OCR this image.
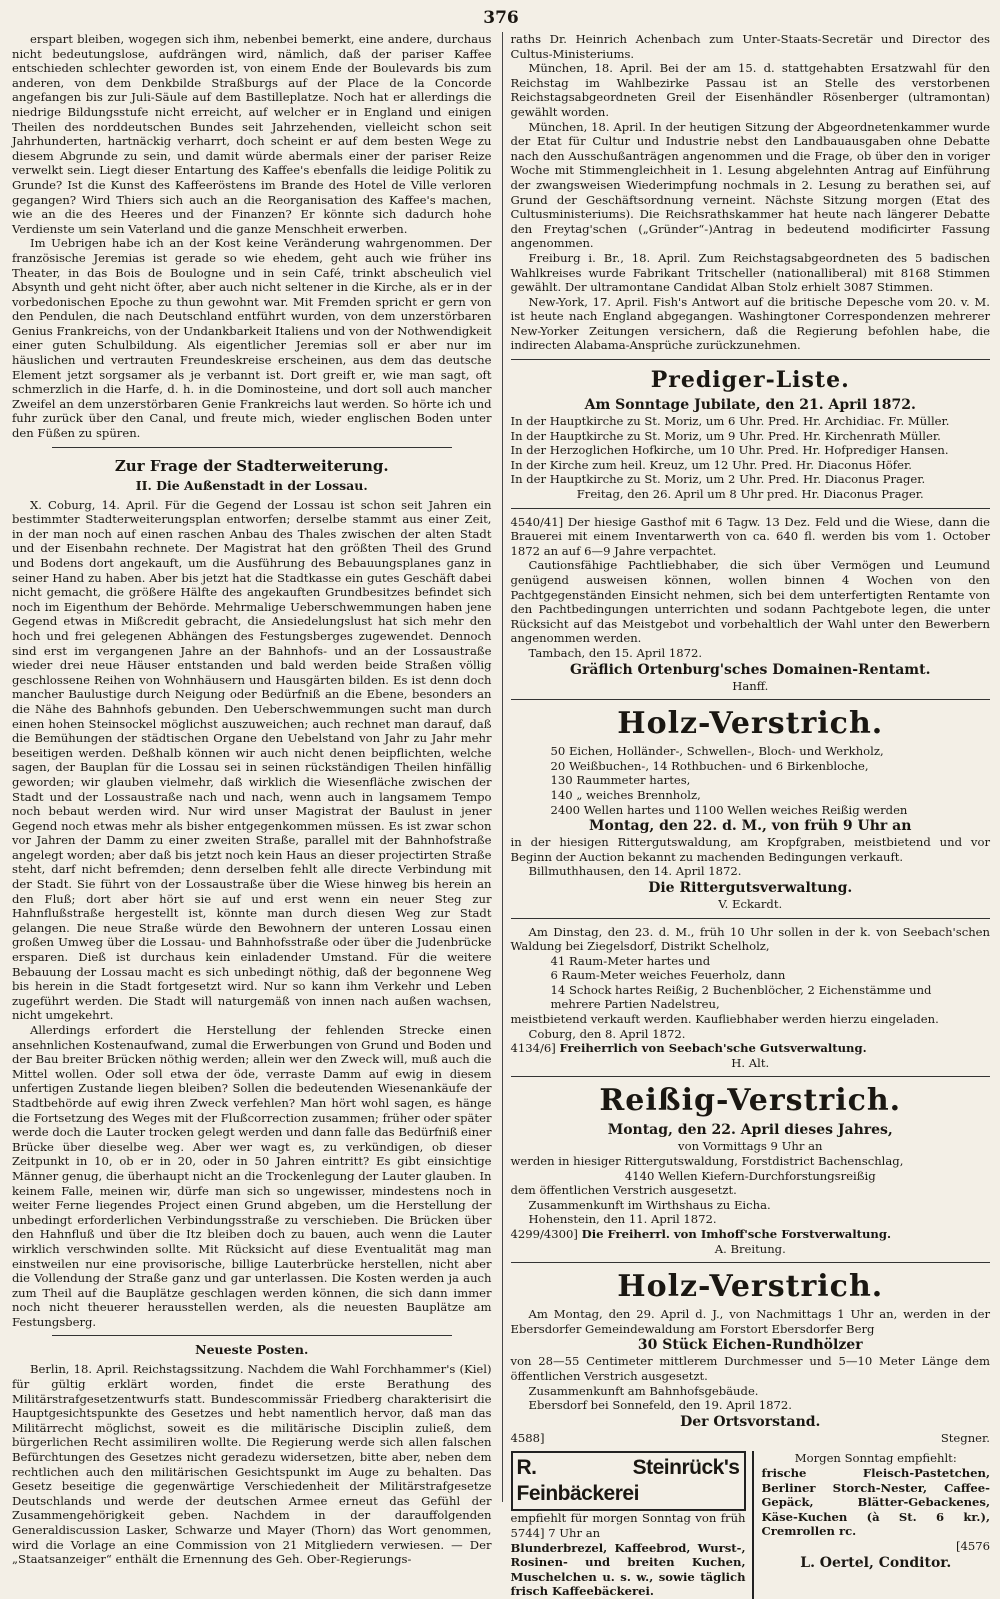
376

erspart bleiben, wogegen sich ihm, nebenbei bemerkt, eine andere, durchaus nicht bedeutungslose, aufdrängen wird, nämlich, daß der pariser Kaffee entschieden schlechter geworden ist, von einem Ende der Boulevards bis zum anderen, von dem Denkbilde Straßburgs auf der Place de la Concorde angefangen bis zur Juli-Säule auf dem Bastilleplatze. Noch hat er allerdings die niedrige Bildungsstufe nicht erreicht, auf welcher er in England und einigen Theilen des norddeutschen Bundes seit Jahrzehenden, vielleicht schon seit Jahrhunderten, hartnäckig verharrt, doch scheint er auf dem besten Wege zu diesem Abgrunde zu sein, und damit würde abermals einer der pariser Reize verwelkt sein. Liegt dieser Entartung des Kaffee's ebenfalls die leidige Politik zu Grunde? Ist die Kunst des Kaffeeröstens im Brande des Hotel de Ville verloren gegangen? Wird Thiers sich auch an die Reorganisation des Kaffee's machen, wie an die des Heeres und der Finanzen? Er könnte sich dadurch hohe Verdienste um sein Vaterland und die ganze Menschheit erwerben.

Im Uebrigen habe ich an der Kost keine Veränderung wahrgenommen. Der französische Jeremias ist gerade so wie ehedem, geht auch wie früher ins Theater, in das Bois de Boulogne und in sein Café, trinkt abscheulich viel Absynth und geht nicht öfter, aber auch nicht seltener in die Kirche, als er in der vorbedonischen Epoche zu thun gewohnt war. Mit Fremden spricht er gern von den Pendulen, die nach Deutschland entführt wurden, von dem unzerstörbaren Genius Frankreichs, von der Undankbarkeit Italiens und von der Nothwendigkeit einer guten Schulbildung. Als eigentlicher Jeremias soll er aber nur im häuslichen und vertrauten Freundeskreise erscheinen, aus dem das deutsche Element jetzt sorgsamer als je verbannt ist. Dort greift er, wie man sagt, oft schmerzlich in die Harfe, d. h. in die Dominosteine, und dort soll auch mancher Zweifel an dem unzerstörbaren Genie Frankreichs laut werden. So hörte ich und fuhr zurück über den Canal, und freute mich, wieder englischen Boden unter den Füßen zu spüren.

Zur Frage der Stadterweiterung.
II. Die Außenstadt in der Lossau.

X. Coburg, 14. April. Für die Gegend der Lossau ist schon seit Jahren ein bestimmter Stadterweiterungsplan entworfen; derselbe stammt aus einer Zeit, in der man noch auf einen raschen Anbau des Thales zwischen der alten Stadt und der Eisenbahn rechnete. Der Magistrat hat den größten Theil des Grund und Bodens dort angekauft, um die Ausführung des Bebauungsplanes ganz in seiner Hand zu haben. Aber bis jetzt hat die Stadtkasse ein gutes Geschäft dabei nicht gemacht, die größere Hälfte des angekauften Grundbesitzes befindet sich noch im Eigenthum der Behörde. Mehrmalige Ueberschwemmungen haben jene Gegend etwas in Mißcredit gebracht, die Ansiedelungslust hat sich mehr den hoch und frei gelegenen Abhängen des Festungsberges zugewendet. Dennoch sind erst im vergangenen Jahre an der Bahnhofs- und an der Lossaustraße wieder drei neue Häuser entstanden und bald werden beide Straßen völlig geschlossene Reihen von Wohnhäusern und Hausgärten bilden. Es ist denn doch mancher Baulustige durch Neigung oder Bedürfniß an die Ebene, besonders an die Nähe des Bahnhofs gebunden. Den Ueberschwemmungen sucht man durch einen hohen Steinsockel möglichst auszuweichen; auch rechnet man darauf, daß die Bemühungen der städtischen Organe den Uebelstand von Jahr zu Jahr mehr beseitigen werden. Deßhalb können wir auch nicht denen beipflichten, welche sagen, der Bauplan für die Lossau sei in seinen rückständigen Theilen hinfällig geworden; wir glauben vielmehr, daß wirklich die Wiesenfläche zwischen der Stadt und der Lossaustraße nach und nach, wenn auch in langsamem Tempo noch bebaut werden wird. Nur wird unser Magistrat der Baulust in jener Gegend noch etwas mehr als bisher entgegenkommen müssen. Es ist zwar schon vor Jahren der Damm zu einer zweiten Straße, parallel mit der Bahnhofstraße angelegt worden; aber daß bis jetzt noch kein Haus an dieser projectirten Straße steht, darf nicht befremden; denn derselben fehlt alle directe Verbindung mit der Stadt. Sie führt von der Lossaustraße über die Wiese hinweg bis herein an den Fluß; dort aber hört sie auf und erst wenn ein neuer Steg zur Hahnflußstraße hergestellt ist, könnte man durch diesen Weg zur Stadt gelangen. Die neue Straße würde den Bewohnern der unteren Lossau einen großen Umweg über die Lossau- und Bahnhofsstraße oder über die Judenbrücke ersparen. Dieß ist durchaus kein einladender Umstand. Für die weitere Bebauung der Lossau macht es sich unbedingt nöthig, daß der begonnene Weg bis herein in die Stadt fortgesetzt wird. Nur so kann ihm Verkehr und Leben zugeführt werden. Die Stadt will naturgemäß von innen nach außen wachsen, nicht umgekehrt.

Allerdings erfordert die Herstellung der fehlenden Strecke einen ansehnlichen Kostenaufwand, zumal die Erwerbungen von Grund und Boden und der Bau breiter Brücken nöthig werden; allein wer den Zweck will, muß auch die Mittel wollen. Oder soll etwa der öde, verraste Damm auf ewig in diesem unfertigen Zustande liegen bleiben? Sollen die bedeutenden Wiesenankäufe der Stadtbehörde auf ewig ihren Zweck verfehlen? Man hört wohl sagen, es hänge die Fortsetzung des Weges mit der Flußcorrection zusammen; früher oder später werde doch die Lauter trocken gelegt werden und dann falle das Bedürfniß einer Brücke über dieselbe weg. Aber wer wagt es, zu verkündigen, ob dieser Zeitpunkt in 10, ob er in 20, oder in 50 Jahren eintritt? Es gibt einsichtige Männer genug, die überhaupt nicht an die Trockenlegung der Lauter glauben. In keinem Falle, meinen wir, dürfe man sich so ungewisser, mindestens noch in weiter Ferne liegendes Project einen Grund abgeben, um die Herstellung der unbedingt erforderlichen Verbindungsstraße zu verschieben. Die Brücken über den Hahnfluß und über die Itz bleiben doch zu bauen, auch wenn die Lauter wirklich verschwinden sollte. Mit Rücksicht auf diese Eventualität mag man einstweilen nur eine provisorische, billige Lauterbrücke herstellen, nicht aber die Vollendung der Straße ganz und gar unterlassen. Die Kosten werden ja auch zum Theil auf die Bauplätze geschlagen werden können, die sich dann immer noch nicht theuerer herausstellen werden, als die neuesten Bauplätze am Festungsberg.

Neueste Posten.

Berlin, 18. April. Reichstagssitzung. Nachdem die Wahl Forchhammer's (Kiel) für gültig erklärt worden, findet die erste Berathung des Militärstrafgesetzentwurfs statt. Bundescommissär Friedberg charakterisirt die Hauptgesichtspunkte des Gesetzes und hebt namentlich hervor, daß man das Militärrecht möglichst, soweit es die militärische Disciplin zuließ, dem bürgerlichen Recht assimiliren wollte. Die Regierung werde sich allen falschen Befürchtungen des Gesetzes nicht geradezu widersetzen, bitte aber, neben dem rechtlichen auch den militärischen Gesichtspunkt im Auge zu behalten. Das Gesetz beseitige die gegenwärtige Verschiedenheit der Militärstrafgesetze Deutschlands und werde der deutschen Armee erneut das Gefühl der Zusammengehörigkeit geben. Nachdem in der darauffolgenden Generaldiscussion Lasker, Schwarze und Mayer (Thorn) das Wort genommen, wird die Vorlage an eine Commission von 21 Mitgliedern verwiesen. — Der „Staatsanzeiger“ enthält die Ernennung des Geh. Ober-Regierungs-

raths Dr. Heinrich Achenbach zum Unter-Staats-Secretär und Director des Cultus-Ministeriums.

München, 18. April. Bei der am 15. d. stattgehabten Ersatzwahl für den Reichstag im Wahlbezirke Passau ist an Stelle des verstorbenen Reichstagsabgeordneten Greil der Eisenhändler Rösenberger (ultramontan) gewählt worden.

München, 18. April. In der heutigen Sitzung der Abgeordnetenkammer wurde der Etat für Cultur und Industrie nebst den Landbauausgaben ohne Debatte nach den Ausschußanträgen angenommen und die Frage, ob über den in voriger Woche mit Stimmengleichheit in 1. Lesung abgelehnten Antrag auf Einführung der zwangsweisen Wiederimpfung nochmals in 2. Lesung zu berathen sei, auf Grund der Geschäftsordnung verneint. Nächste Sitzung morgen (Etat des Cultusministeriums). Die Reichsrathskammer hat heute nach längerer Debatte den Freytag'schen („Gründer“-)Antrag in bedeutend modificirter Fassung angenommen.

Freiburg i. Br., 18. April. Zum Reichstagsabgeordneten des 5 badischen Wahlkreises wurde Fabrikant Tritscheller (nationalliberal) mit 8168 Stimmen gewählt. Der ultramontane Candidat Alban Stolz erhielt 3087 Stimmen.

New-York, 17. April. Fish's Antwort auf die britische Depesche vom 20. v. M. ist heute nach England abgegangen. Washingtoner Correspondenzen mehrerer New-Yorker Zeitungen versichern, daß die Regierung befohlen habe, die indirecten Alabama-Ansprüche zurückzunehmen.

Prediger-Liste.
Am Sonntage Jubilate, den 21. April 1872.
In der Hauptkirche zu St. Moriz, um 6 Uhr. Pred. Hr. Archidiac. Fr. Müller.
In der Hauptkirche zu St. Moriz, um 9 Uhr. Pred. Hr. Kirchenrath Müller.
In der Herzoglichen Hofkirche, um 10 Uhr. Pred. Hr. Hofprediger Hansen.
In der Kirche zum heil. Kreuz, um 12 Uhr. Pred. Hr. Diaconus Höfer.
In der Hauptkirche zu St. Moriz, um 2 Uhr. Pred. Hr. Diaconus Prager.
Freitag, den 26. April um 8 Uhr pred. Hr. Diaconus Prager.

4540/41] Der hiesige Gasthof mit 6 Tagw. 13 Dez. Feld und die Wiese, dann die Brauerei mit einem Inventarwerth von ca. 640 fl. werden bis vom 1. October 1872 an auf 6—9 Jahre verpachtet.

Cautionsfähige Pachtliebhaber, die sich über Vermögen und Leumund genügend ausweisen können, wollen binnen 4 Wochen von den Pachtgegenständen Einsicht nehmen, sich bei dem unterfertigten Rentamte von den Pachtbedingungen unterrichten und sodann Pachtgebote legen, die unter Rücksicht auf das Meistgebot und vorbehaltlich der Wahl unter den Bewerbern angenommen werden.

Tambach, den 15. April 1872.

Gräflich Ortenburg'sches Domainen-Rentamt.
Hanff.
Holz-Verstrich.
50 Eichen, Holländer-, Schwellen-, Bloch- und Werkholz,
20 Weißbuchen-, 14 Rothbuchen- und 6 Birkenbloche,
130 Raummeter hartes,
140 „ weiches Brennholz,
2400 Wellen hartes und 1100 Wellen weiches Reißig werden
Montag, den 22. d. M., von früh 9 Uhr an

in der hiesigen Rittergutswaldung, am Kropfgraben, meistbietend und vor Beginn der Auction bekannt zu machenden Bedingungen verkauft.

Billmuthhausen, den 14. April 1872.

Die Rittergutsverwaltung.
V. Eckardt.

Am Dinstag, den 23. d. M., früh 10 Uhr sollen in der k. von Seebach'schen Waldung bei Ziegelsdorf, Distrikt Schelholz,

41 Raum-Meter hartes und
6 Raum-Meter weiches Feuerholz, dann
14 Schock hartes Reißig, 2 Buchenblöcher, 2 Eichenstämme und
mehrere Partien Nadelstreu,

meistbietend verkauft werden. Kaufliebhaber werden hierzu eingeladen.

Coburg, den 8. April 1872.

4134/6] Freiherrlich von Seebach'sche Gutsverwaltung.
H. Alt.
Reißig-Verstrich.
Montag, den 22. April dieses Jahres,
von Vormittags 9 Uhr an

werden in hiesiger Rittergutswaldung, Forstdistrict Bachenschlag,

4140 Wellen Kiefern-Durchforstungsreißig

dem öffentlichen Verstrich ausgesetzt.

Zusammenkunft im Wirthshaus zu Eicha.

Hohenstein, den 11. April 1872.

4299/4300] Die Freiherrl. von Imhoff'sche Forstverwaltung.
A. Breitung.
Holz-Verstrich.

Am Montag, den 29. April d. J., von Nachmittags 1 Uhr an, werden in der Ebersdorfer Gemeindewaldung am Forstort Ebersdorfer Berg

30 Stück Eichen-Rundhölzer

von 28—55 Centimeter mittlerem Durchmesser und 5—10 Meter Länge dem öffentlichen Verstrich ausgesetzt.

Zusammenkunft am Bahnhofsgebäude.

Ebersdorf bei Sonnefeld, den 19. April 1872.

Der Ortsvorstand.
4588]	Stegner.
R. Steinrück's Feinbäckerei

empfiehlt für morgen Sonntag von früh 5744] 7 Uhr an

Blunderbrezel, Kaffeebrod, Wurst-, Rosinen- und breiten Kuchen, Muschelchen u. s. w., sowie täglich frisch Kaffeebäckerei.

Morgen Sonntag empfiehlt:

frische Fleisch-Pastetchen, Berliner Storch-Nester, Caffee-Gepäck, Blätter-Gebackenes, Käse-Kuchen (à St. 6 kr.), Cremrollen rc.

[4576
L. Oertel, Conditor.
